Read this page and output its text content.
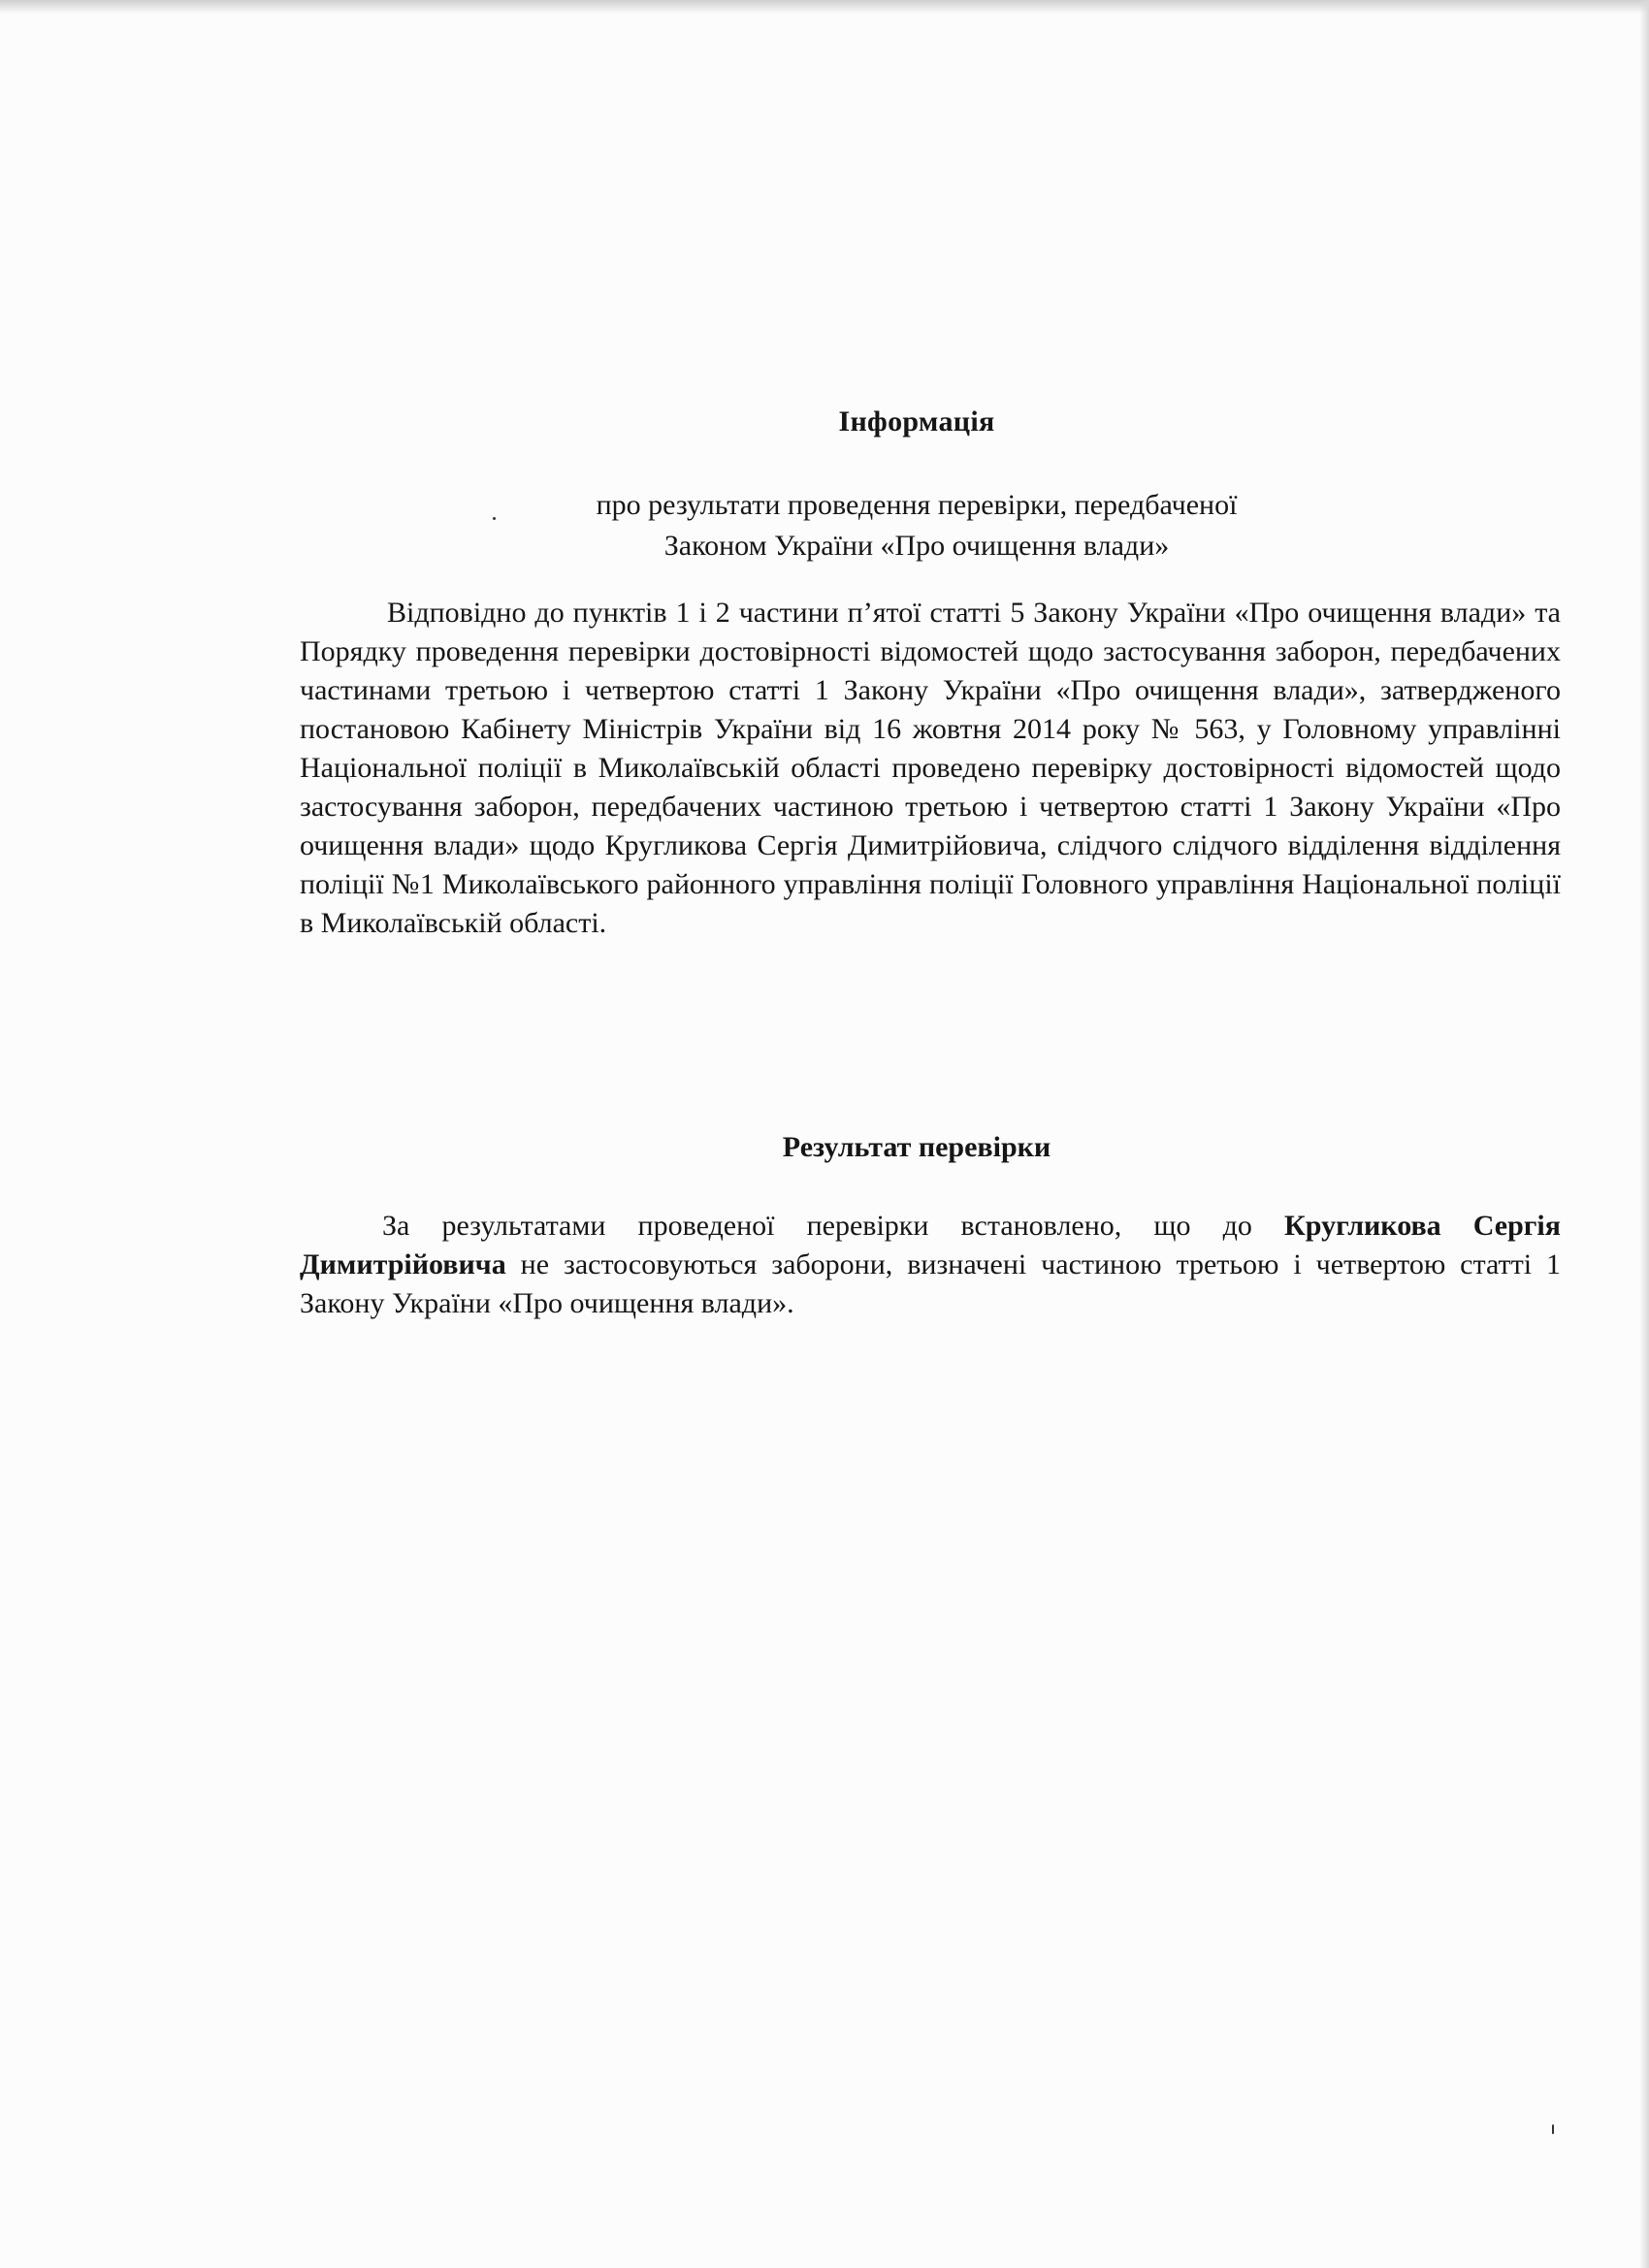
Інформація
про результати проведення перевірки, передбаченої
Законом України «Про очищення влади»

Відповідно до пунктів 1 і 2 частини п’ятої статті 5 Закону України «Про очищення влади» та Порядку проведення перевірки достовірності відомостей щодо застосування заборон, передбачених частинами третьою і четвертою статті 1 Закону України «Про очищення влади», затвердженого постановою Кабінету Міністрів України від 16 жовтня 2014 року № 563, у Головному управлінні Національної поліції в Миколаївській області проведено перевірку достовірності відомостей щодо застосування заборон, передбачених частиною третьою і четвертою статті 1 Закону України «Про очищення влади» щодо Кругликова Сергія Димитрійовича, слідчого слідчого відділення відділення поліції №1 Миколаївського районного управління поліції Головного управління Національної поліції в Миколаївській області.

Результат перевірки

За результатами проведеної перевірки встановлено, що до Кругликова Сергія Димитрійовича не застосовуються заборони, визначені частиною третьою і четвертою статті 1 Закону України «Про очищення влади».
